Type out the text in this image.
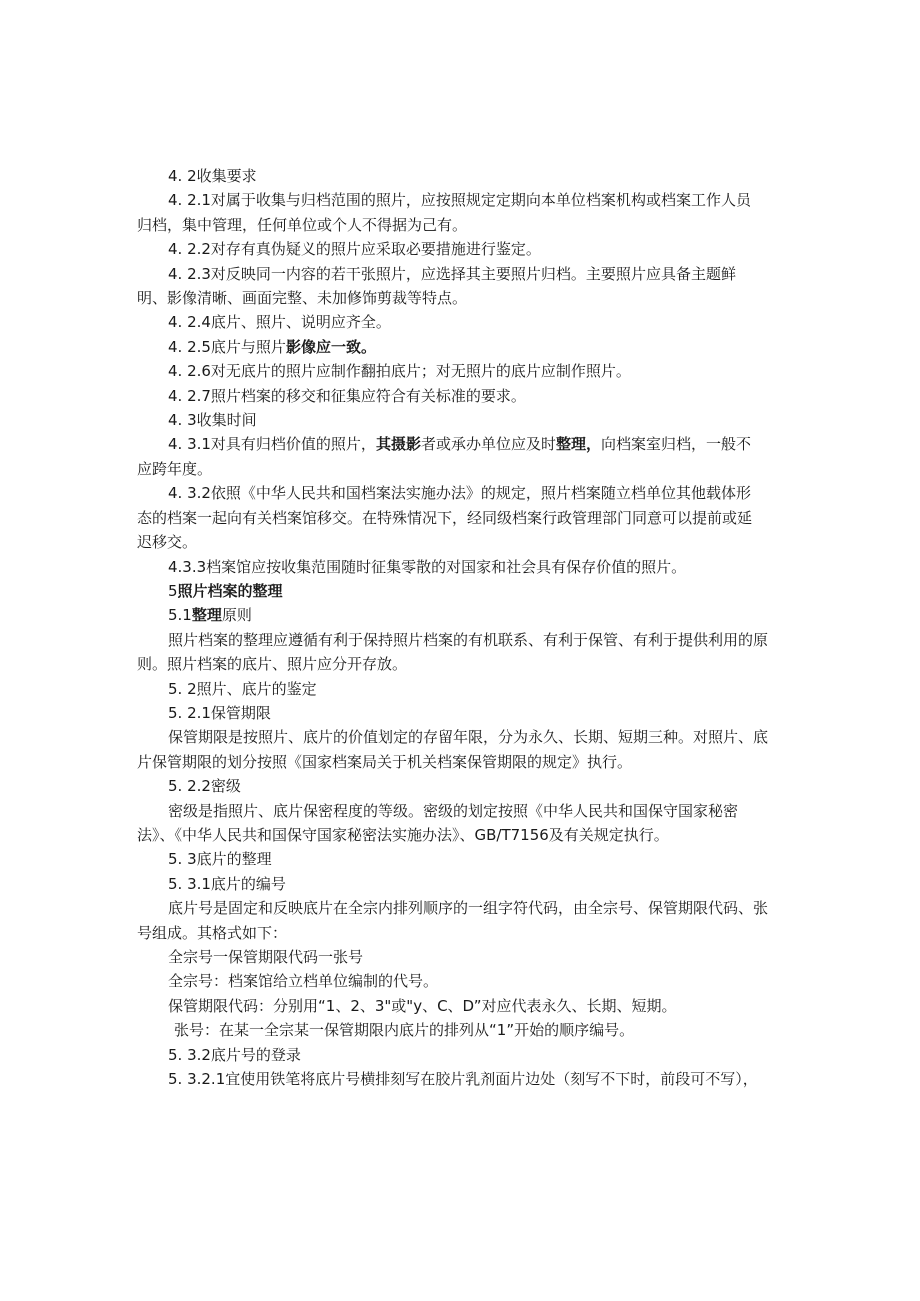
4. 2收集要求

4. 2.1对属于收集与归档范围的照片，应按照规定定期向本单位档案机构或档案工作人员

归档，集中管理，任何单位或个人不得据为己有。

4. 2.2对存有真伪疑义的照片应采取必要措施进行鉴定。

4. 2.3对反映同一内容的若干张照片，应选择其主要照片归档。主要照片应具备主题鲜

明、影像清晰、画面完整、未加修饰剪裁等特点。

4. 2.4底片、照片、说明应齐全。

4. 2.5底片与照片影像应一致。

4. 2.6对无底片的照片应制作翻拍底片；对无照片的底片应制作照片。

4. 2.7照片档案的移交和征集应符合有关标准的要求。

4. 3收集时间

4. 3.1对具有归档价值的照片，其摄影者或承办单位应及时整理，向档案室归档，一般不

应跨年度。

4. 3.2依照《中华人民共和国档案法实施办法》的规定，照片档案随立档单位其他载体形

态的档案一起向有关档案馆移交。在特殊情况下，经同级档案行政管理部门同意可以提前或延

迟移交。

4.3.3档案馆应按收集范围随时征集零散的对国家和社会具有保存价值的照片。

5照片档案的整理

5.1整理原则

照片档案的整理应遵循有利于保持照片档案的有机联系、有利于保管、有利于提供利用的原

则。照片档案的底片、照片应分开存放。

5. 2照片、底片的鉴定

5. 2.1保管期限

保管期限是按照片、底片的价值划定的存留年限，分为永久、长期、短期三种。对照片、底

片保管期限的划分按照《国家档案局关于机关档案保管期限的规定》执行。

5. 2.2密级

密级是指照片、底片保密程度的等级。密级的划定按照《中华人民共和国保守国家秘密

法》、《中华人民共和国保守国家秘密法实施办法》、GB/T7156及有关规定执行。

5. 3底片的整理

5. 3.1底片的编号

底片号是固定和反映底片在全宗内排列顺序的一组字符代码，由全宗号、保管期限代码、张

号组成。其格式如下：

全宗号一保管期限代码一张号

全宗号：档案馆给立档单位编制的代号。

保管期限代码：分别用“1、2、3"或"y、C、D”对应代表永久、长期、短期。

张号：在某一全宗某一保管期限内底片的排列从“1”开始的顺序编号。

5. 3.2底片号的登录

5. 3.2.1宜使用铁笔将底片号横排刻写在胶片乳剂面片边处（刻写不下时，前段可不写），
